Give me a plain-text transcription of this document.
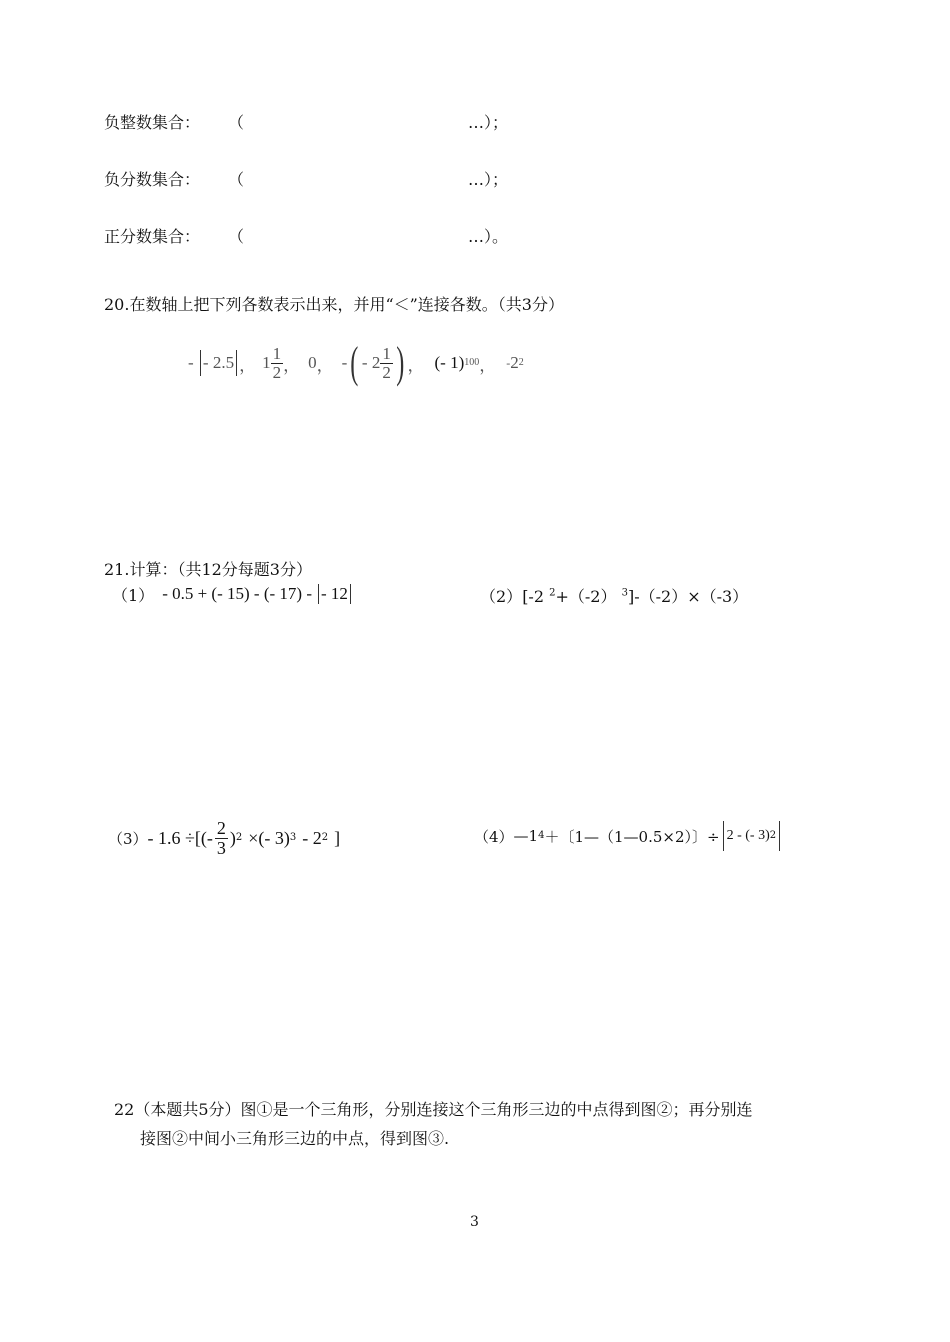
负整数集合： （	…）；
负分数集合： （	…）；
正分数集合： （	…）。
20.在数轴上把下列各数表示出来，并用“＜”连接各数。（共3分）
-
- 2.5 ， $1 \frac{1}{2}$ ， 0 ， - ( - $2 \frac{1}{2}$ ) ， (- 1) 100 ， - 2 2
21.计算：（共12分每题3分）
（1） - 0.5 + (- 15) - (- 17) - - 12	（2）[-2 $^2$+（-2） $^3$]-（-2）×（-3）
（3） - 1.6 ÷[(- $\frac{2}{3}$ ) 2 ×(- 3) 3 - 2 2 ]	（4） —1 4 ＋〔1—（1—0.5×2）〕÷ 2 - (- 3) 2
22（本题共5分）图①是一个三角形，分别连接这个三角形三边的中点得到图②；再分别连
接图②中间小三角形三边的中点，得到图③.
3
